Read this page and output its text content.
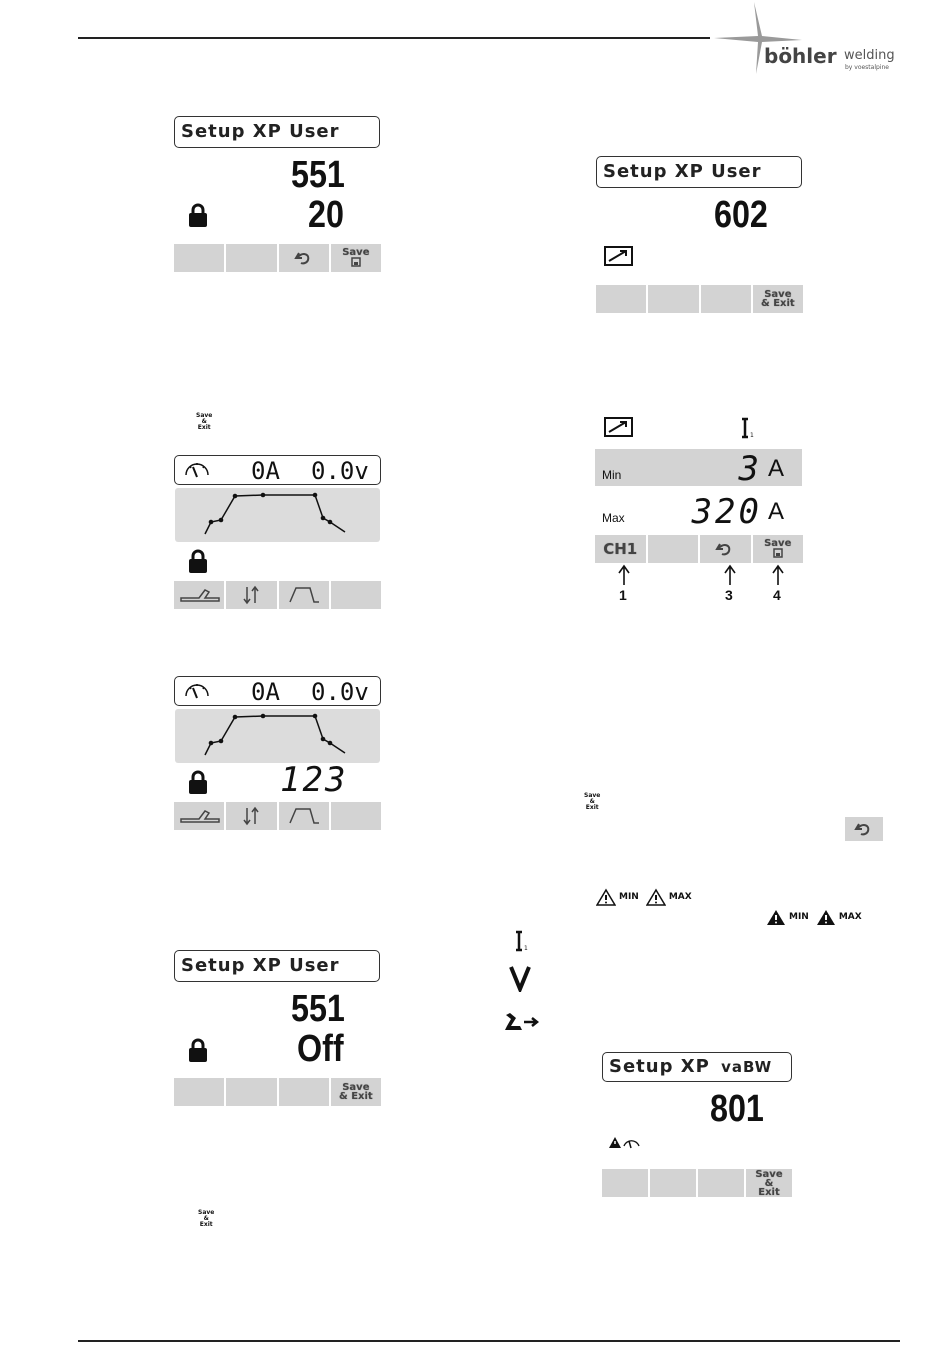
böhler welding
by voestalpine
Setup XP User
551
20
Save

Setup XP User
602
Save & Exit
Save
&
Exit
0A 0.0v
1
Min	3 A
Max 320 A
CH1	Save

1	3	4
0A 0.0v
123	Save
&
Exit
MIN	MAX
MIN	MAX
1
Setup XP User
551
Off
Save & Exit
Setup XP vaBW
801
Save & Exit
Save
&
Exit
